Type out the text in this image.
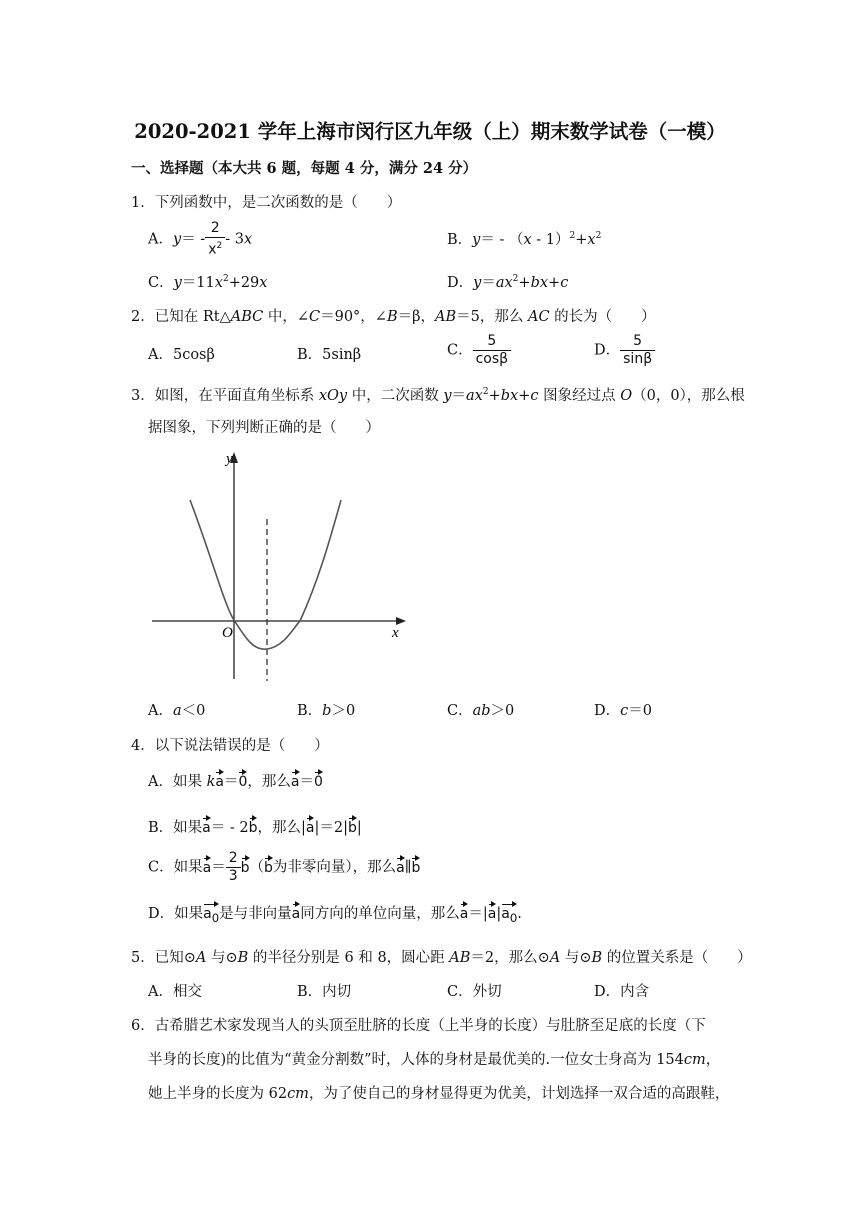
2020-2021 学年上海市闵行区九年级（上）期末数学试卷（一模）
一、选择题（本大共 6 题，每题 4 分，满分 24 分）
1．下列函数中，是二次函数的是（　　）
A．$y= - \frac{2}{x^2} - 3x$	B．$y= - (x - 1)^2+x^2$
C．$y=11x^2+29x$	D．$y=ax^2+bx+c$
2．已知在 Rt△ABC 中，∠C＝90°，∠B＝β，AB＝5，那么 AC 的长为（　　）
A．5cosβ	B．5sinβ	C． $\frac{5}{\cos\beta}$	D． $\frac{5}{\sin\beta}$
3．如图，在平面直角坐标系 xOy 中，二次函数 $y=ax^2+bx+c$ 图象经过点 O（0，0），那么根
据图象，下列判断正确的是（　　）
y
x
O
A．a＜0	B．b＞0	C．ab＞0	D．c＝0
4．以下说法错误的是（　　）
A．如果 ka＝0，那么a＝0
B．如果a＝ - 2b，那么|a|＝2|b|
C．如果$a= \frac{2}{3} b(b$为非零向量），那么a∥b
D．如果$a_0$是与非向量a同方向的单位向量，那么$a=|a|a_0$.
5．已知⊙A 与⊙B 的半径分别是 6 和 8，圆心距 AB＝2，那么⊙A 与⊙B 的位置关系是（　　）
A．相交	B．内切	C．外切	D．内含
6．古希腊艺术家发现当人的头顶至肚脐的长度（上半身的长度）与肚脐至足底的长度（下
半身的长度)的比值为“黄金分割数”时，人体的身材是最优美的.一位女士身高为 154cm，
她上半身的长度为 62cm，为了使自己的身材显得更为优美，计划选择一双合适的高跟鞋，
